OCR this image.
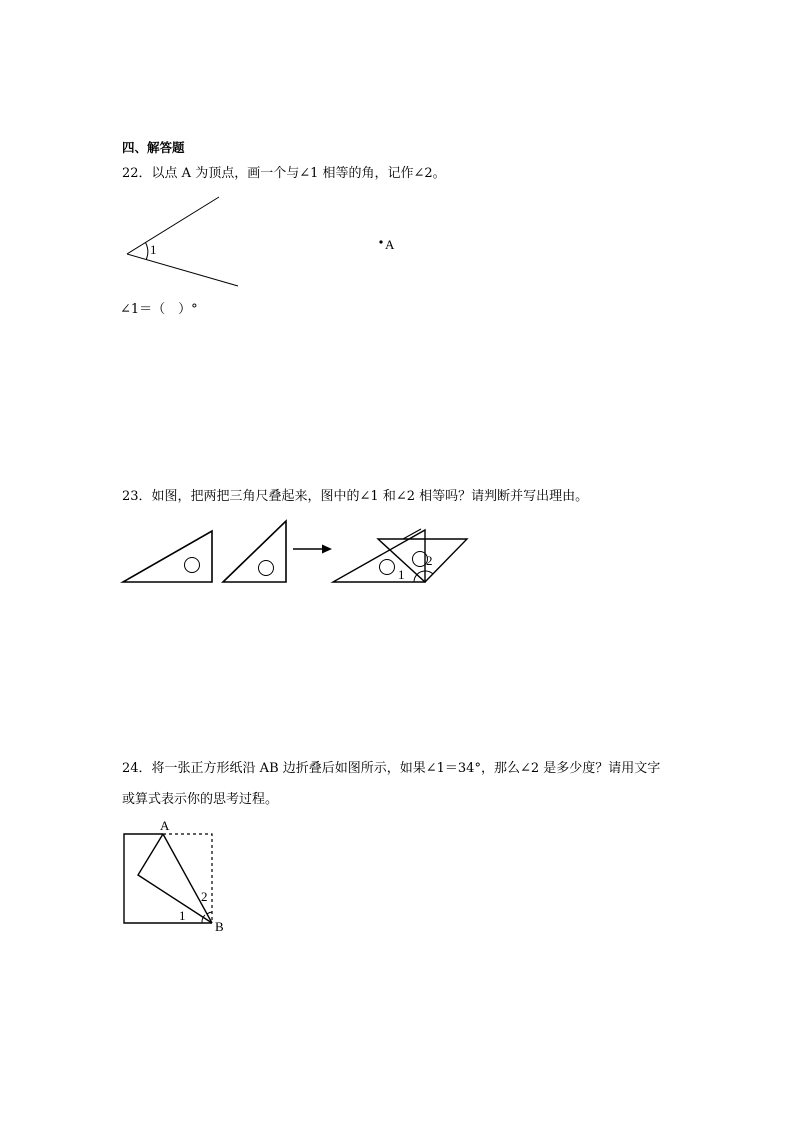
四、解答题
22．以点 A 为顶点，画一个与∠1 相等的角，记作∠2。
1	A
∠1＝（　）°
23．如图，把两把三角尺叠起来，图中的∠1 和∠2 相等吗？请判断并写出理由。
1
2
24．将一张正方形纸沿 AB 边折叠后如图所示，如果∠1＝34°，那么∠2 是多少度？请用文字
或算式表示你的思考过程。
A
B
1
2
